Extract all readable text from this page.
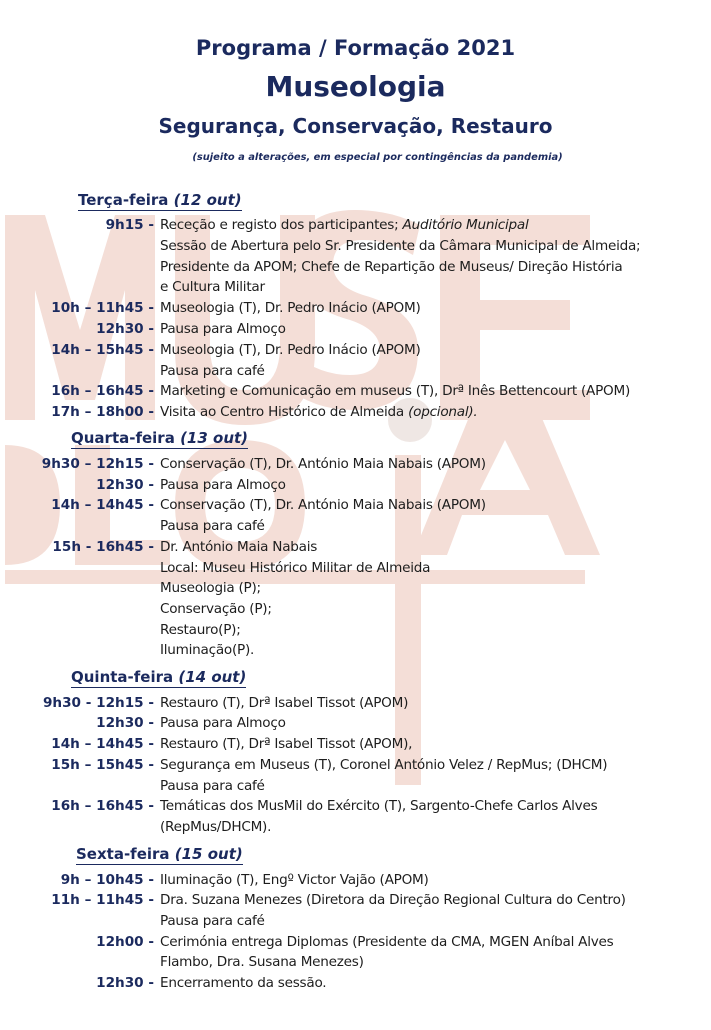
Programa / Formação 2021
Museologia
Segurança, Conservação, Restauro
(sujeito a alterações, em especial por contingências da pandemia)
Terça-feira (12 out)
9h15 - Receção e registo dos participantes; Auditório Municipal
Sessão de Abertura pelo Sr. Presidente da Câmara Municipal de Almeida;
Presidente da APOM; Chefe de Repartição de Museus/ Direção História
e Cultura Militar
10h – 11h45 - Museologia (T), Dr. Pedro Inácio (APOM)
12h30 - Pausa para Almoço
14h – 15h45 - Museologia (T), Dr. Pedro Inácio (APOM)
Pausa para café
16h – 16h45 - Marketing e Comunicação em museus (T), Drª Inês Bettencourt (APOM)
17h – 18h00 - Visita ao Centro Histórico de Almeida (opcional).
Quarta-feira (13 out)
9h30 – 12h15 - Conservação (T), Dr. António Maia Nabais (APOM)
12h30 - Pausa para Almoço
14h – 14h45 - Conservação (T), Dr. António Maia Nabais (APOM)
Pausa para café
15h - 16h45 - Dr. António Maia Nabais
Local: Museu Histórico Militar de Almeida
Museologia (P);
Conservação (P);
Restauro(P);
Iluminação(P).
Quinta-feira (14 out)
9h30 - 12h15 - Restauro (T), Drª Isabel Tissot (APOM)
12h30 - Pausa para Almoço
14h – 14h45 - Restauro (T), Drª Isabel Tissot (APOM),
15h – 15h45 - Segurança em Museus (T), Coronel António Velez / RepMus; (DHCM)
Pausa para café
16h – 16h45 - Temáticas dos MusMil do Exército (T), Sargento-Chefe Carlos Alves
(RepMus/DHCM).
Sexta-feira (15 out)
9h – 10h45 - Iluminação (T), Engº Victor Vajão (APOM)
11h – 11h45 - Dra. Suzana Menezes (Diretora da Direção Regional Cultura do Centro)
Pausa para café
12h00 - Cerimónia entrega Diplomas (Presidente da CMA, MGEN Aníbal Alves
Flambo, Dra. Susana Menezes)
12h30 - Encerramento da sessão.
